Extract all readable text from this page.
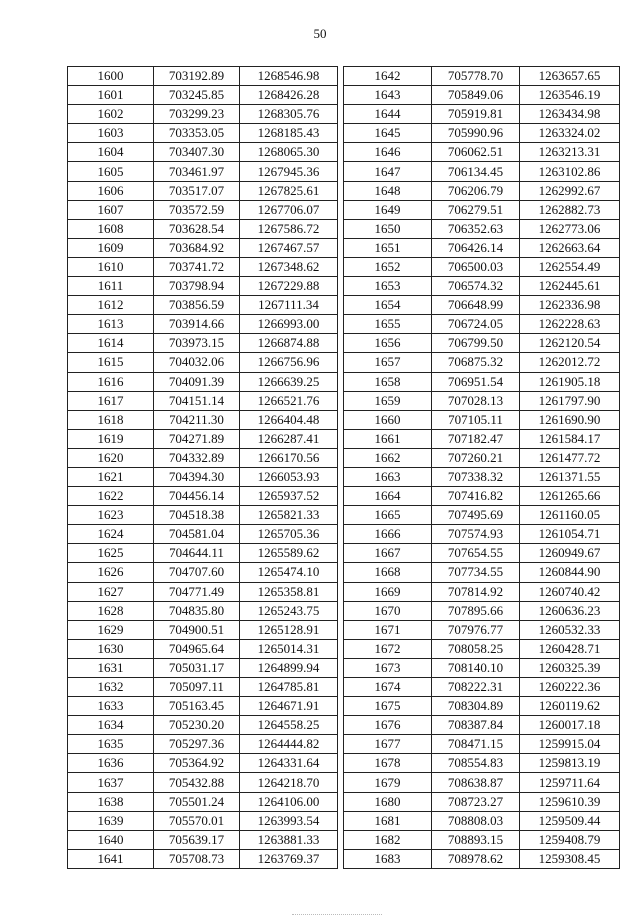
50
1600	703192.89	1268546.98
1601	703245.85	1268426.28
1602	703299.23	1268305.76
1603	703353.05	1268185.43
1604	703407.30	1268065.30
1605	703461.97	1267945.36
1606	703517.07	1267825.61
1607	703572.59	1267706.07
1608	703628.54	1267586.72
1609	703684.92	1267467.57
1610	703741.72	1267348.62
1611	703798.94	1267229.88
1612	703856.59	1267111.34
1613	703914.66	1266993.00
1614	703973.15	1266874.88
1615	704032.06	1266756.96
1616	704091.39	1266639.25
1617	704151.14	1266521.76
1618	704211.30	1266404.48
1619	704271.89	1266287.41
1620	704332.89	1266170.56
1621	704394.30	1266053.93
1622	704456.14	1265937.52
1623	704518.38	1265821.33
1624	704581.04	1265705.36
1625	704644.11	1265589.62
1626	704707.60	1265474.10
1627	704771.49	1265358.81
1628	704835.80	1265243.75
1629	704900.51	1265128.91
1630	704965.64	1265014.31
1631	705031.17	1264899.94
1632	705097.11	1264785.81
1633	705163.45	1264671.91
1634	705230.20	1264558.25
1635	705297.36	1264444.82
1636	705364.92	1264331.64
1637	705432.88	1264218.70
1638	705501.24	1264106.00
1639	705570.01	1263993.54
1640	705639.17	1263881.33
1641	705708.73	1263769.37
1642	705778.70	1263657.65
1643	705849.06	1263546.19
1644	705919.81	1263434.98
1645	705990.96	1263324.02
1646	706062.51	1263213.31
1647	706134.45	1263102.86
1648	706206.79	1262992.67
1649	706279.51	1262882.73
1650	706352.63	1262773.06
1651	706426.14	1262663.64
1652	706500.03	1262554.49
1653	706574.32	1262445.61
1654	706648.99	1262336.98
1655	706724.05	1262228.63
1656	706799.50	1262120.54
1657	706875.32	1262012.72
1658	706951.54	1261905.18
1659	707028.13	1261797.90
1660	707105.11	1261690.90
1661	707182.47	1261584.17
1662	707260.21	1261477.72
1663	707338.32	1261371.55
1664	707416.82	1261265.66
1665	707495.69	1261160.05
1666	707574.93	1261054.71
1667	707654.55	1260949.67
1668	707734.55	1260844.90
1669	707814.92	1260740.42
1670	707895.66	1260636.23
1671	707976.77	1260532.33
1672	708058.25	1260428.71
1673	708140.10	1260325.39
1674	708222.31	1260222.36
1675	708304.89	1260119.62
1676	708387.84	1260017.18
1677	708471.15	1259915.04
1678	708554.83	1259813.19
1679	708638.87	1259711.64
1680	708723.27	1259610.39
1681	708808.03	1259509.44
1682	708893.15	1259408.79
1683	708978.62	1259308.45
